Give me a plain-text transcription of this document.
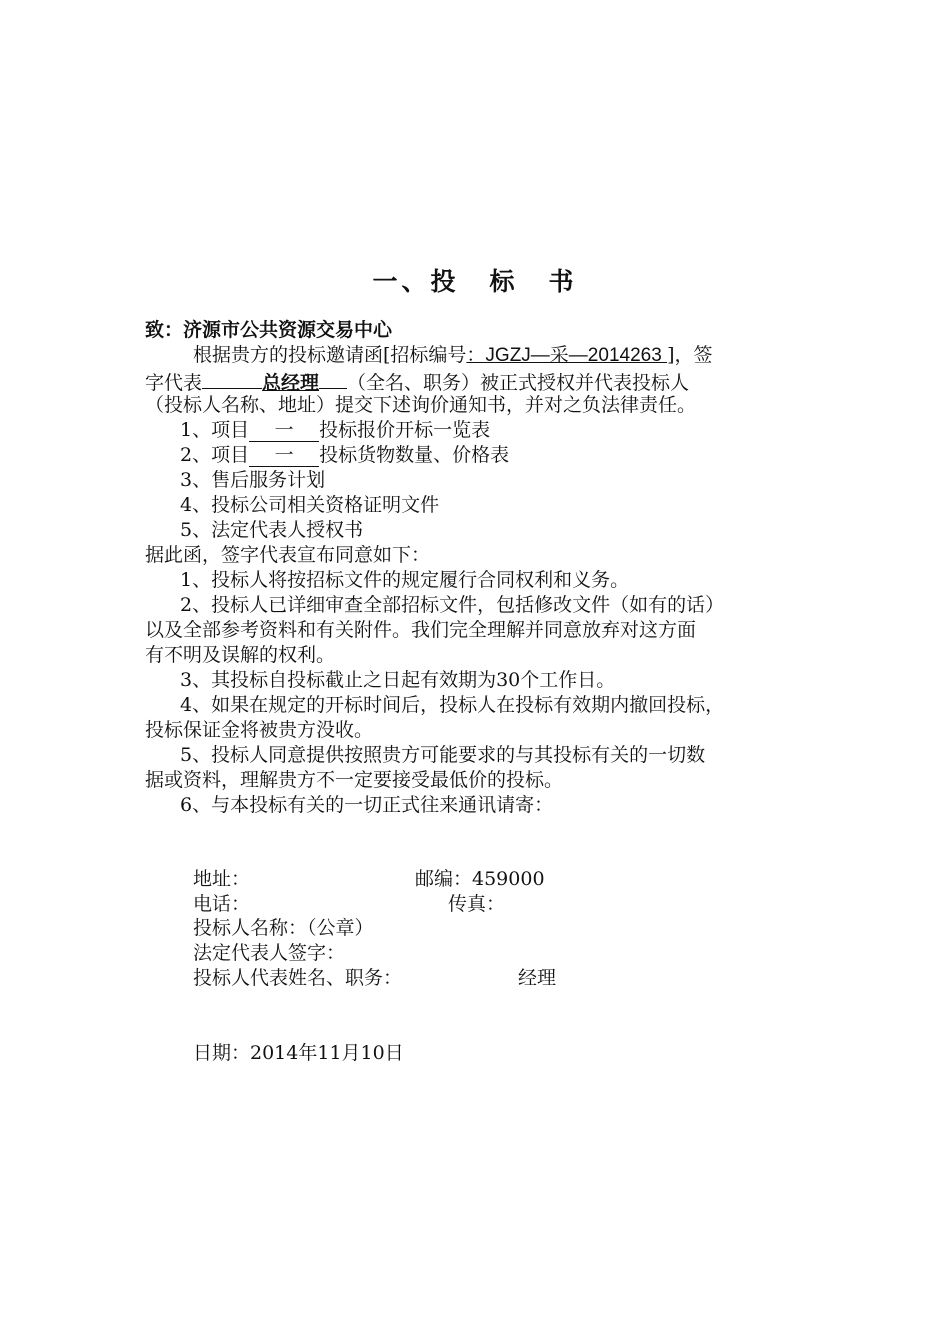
一、投 标 书
致：济源市公共资源交易中心
根据贵方的投标邀请函[招标编号：JGZJ—采—2014263 ]，签
字代表	总经理 （全名、职务）被正式授权并代表投标人
（投标人名称、地址）提交下述询价通知书，并对之负法律责任。
1、项目 一 投标报价开标一览表
2、项目 一 投标货物数量、价格表
3、售后服务计划
4、投标公司相关资格证明文件
5、法定代表人授权书
据此函，签字代表宣布同意如下：
1、投标人将按招标文件的规定履行合同权利和义务。
2、投标人已详细审查全部招标文件，包括修改文件（如有的话）
以及全部参考资料和有关附件。我们完全理解并同意放弃对这方面
有不明及误解的权利。
3、其投标自投标截止之日起有效期为30个工作日。
4、如果在规定的开标时间后，投标人在投标有效期内撤回投标，
投标保证金将被贵方没收。
5、投标人同意提供按照贵方可能要求的与其投标有关的一切数
据或资料，理解贵方不一定要接受最低价的投标。
6、与本投标有关的一切正式往来通讯请寄：
地址：	邮编：459000
电话：	传真：
投标人名称：（公章）
法定代表人签字：
投标人代表姓名、职务：	经理
日期：2014年11月10日
